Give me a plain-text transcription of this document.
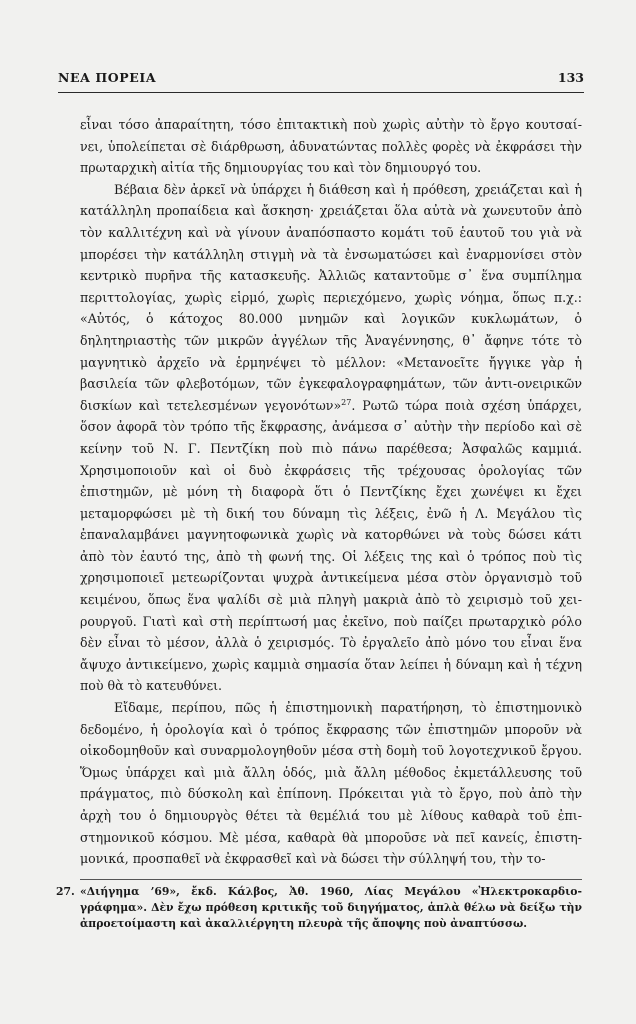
ΝΕΑ ΠΟΡΕΙΑ	133

εἶναι τόσο ἀπαραίτητη, τόσο ἐπιτακτικὴ ποὺ χωρὶς αὐτὴν τὸ ἔργο κουτσαίνει, ὑπολείπεται σὲ διάρθρωση, ἀδυνατώντας πολλὲς φορὲς νὰ ἐκφράσει τὴν πρωταρχικὴ αἰτία τῆς δημιουργίας του καὶ τὸν δημιουργό του.

Βέβαια δὲν ἀρκεῖ νὰ ὑπάρχει ἡ διάθεση καὶ ἡ πρόθεση, χρειάζεται καὶ ἡ κατάλληλη προπαίδεια καὶ ἄσκηση· χρειάζεται ὅλα αὐτὰ νὰ χωνευτοῦν ἀπὸ τὸν καλλιτέχνη καὶ νὰ γίνουν ἀναπόσπαστο κομάτι τοῦ ἑαυτοῦ του γιὰ νὰ μπορέσει τὴν κατάλληλη στιγμὴ νὰ τὰ ἐνσωματώσει καὶ ἐναρμονίσει στὸν κεντρικὸ πυρῆνα τῆς κατασκευῆς. Ἀλλιῶς καταντοῦμε σ᾽ ἕνα συμπίλημα περιττολογίας, χωρὶς εἱρμό, χωρὶς περιεχόμενο, χωρὶς νόημα, ὅπως π.χ.: «Αὐτός, ὁ κάτοχος 80.000 μνημῶν καὶ λογικῶν κυκλωμάτων, ὁ δηλητηριαστὴς τῶν μικρῶν ἀγγέλων τῆς Ἀναγέννησης, θ᾽ ἄφηνε τότε τὸ μαγνητικὸ ἀρχεῖο νὰ ἑρμηνέψει τὸ μέλλον: «Μετανοεῖτε ἤγγικε γὰρ ἡ βασιλεία τῶν φλεβοτόμων, τῶν ἐγκεφαλογραφημάτων, τῶν ἀντι-ονειρικῶν δισκίων καὶ τετελεσμένων γεγονότων»$^{27}$. Ρωτῶ τώρα ποιὰ σχέση ὑπάρχει, ὅσον ἀφορᾶ τὸν τρόπο τῆς ἔκφρασης, ἀνάμεσα σ᾽ αὐτὴν τὴν περίοδο καὶ σὲ κείνην τοῦ Ν. Γ. Πεντζίκη ποὺ πιὸ πάνω παρέθεσα; Ἀσφαλῶς καμμιά. Χρησιμοποιοῦν καὶ οἱ δυὸ ἐκφράσεις τῆς τρέχουσας ὁρολογίας τῶν ἐπιστημῶν, μὲ μόνη τὴ διαφορὰ ὅτι ὁ Πεντζίκης ἔχει χωνέψει κι ἔχει μεταμορφώσει μὲ τὴ δική του δύναμη τὶς λέξεις, ἐνῶ ἡ Λ. Μεγάλου τὶς ἐπαναλαμβάνει μαγνητοφωνικὰ χωρὶς νὰ κατορθώνει νὰ τοὺς δώσει κάτι ἀπὸ τὸν ἑαυτό της, ἀπὸ τὴ φωνή της. Οἱ λέξεις της καὶ ὁ τρόπος ποὺ τὶς χρησιμοποιεῖ μετεωρίζονται ψυχρὰ ἀντικείμενα μέσα στὸν ὀργανισμὸ τοῦ κειμένου, ὅπως ἕνα ψαλίδι σὲ μιὰ πληγὴ μακριὰ ἀπὸ τὸ χειρισμὸ τοῦ χειρουργοῦ. Γιατὶ καὶ στὴ περίπτωσή μας ἐκεῖνο, ποὺ παίζει πρωταρχικὸ ρόλο δὲν εἶναι τὸ μέσον, ἀλλὰ ὁ χειρισμός. Τὸ ἐργαλεῖο ἀπὸ μόνο του εἶναι ἕνα ἄψυχο ἀντικείμενο, χωρὶς καμμιὰ σημασία ὅταν λείπει ἡ δύναμη καὶ ἡ τέχνη ποὺ θὰ τὸ κατευθύνει.

Εἴδαμε, περίπου, πῶς ἡ ἐπιστημονικὴ παρατήρηση, τὸ ἐπιστημονικὸ δεδομένο, ἡ ὁρολογία καὶ ὁ τρόπος ἔκφρασης τῶν ἐπιστημῶν μποροῦν νὰ οἰκοδομηθοῦν καὶ συναρμολογηθοῦν μέσα στὴ δομὴ τοῦ λογοτεχνικοῦ ἔργου. Ὅμως ὑπάρχει καὶ μιὰ ἄλλη ὁδός, μιὰ ἄλλη μέθοδος ἐκμετάλλευσης τοῦ πράγματος, πιὸ δύσκολη καὶ ἐπίπονη. Πρόκειται γιὰ τὸ ἔργο, ποὺ ἀπὸ τὴν ἀρχὴ του ὁ δημιουργὸς θέτει τὰ θεμέλιά του μὲ λίθους καθαρὰ τοῦ ἐπιστημονικοῦ κόσμου. Μὲ μέσα, καθαρὰ θὰ μποροῦσε νὰ πεῖ κανείς, ἐπιστημονικά, προσπαθεῖ νὰ ἐκφρασθεῖ καὶ νὰ δώσει τὴν σύλληψή του, τὴν το-

27. «Διήγημα ’69», ἔκδ. Κάλβος, Ἀθ. 1960, Λίας Μεγάλου «Ἠλεκτροκαρδιογράφημα». Δὲν ἔχω πρόθεση κριτικῆς τοῦ διηγήματος, ἁπλὰ θέλω νὰ δείξω τὴν ἀπροετοίμαστη καὶ ἀκαλλιέργητη πλευρὰ τῆς ἄποψης ποὺ ἀναπτύσσω.
